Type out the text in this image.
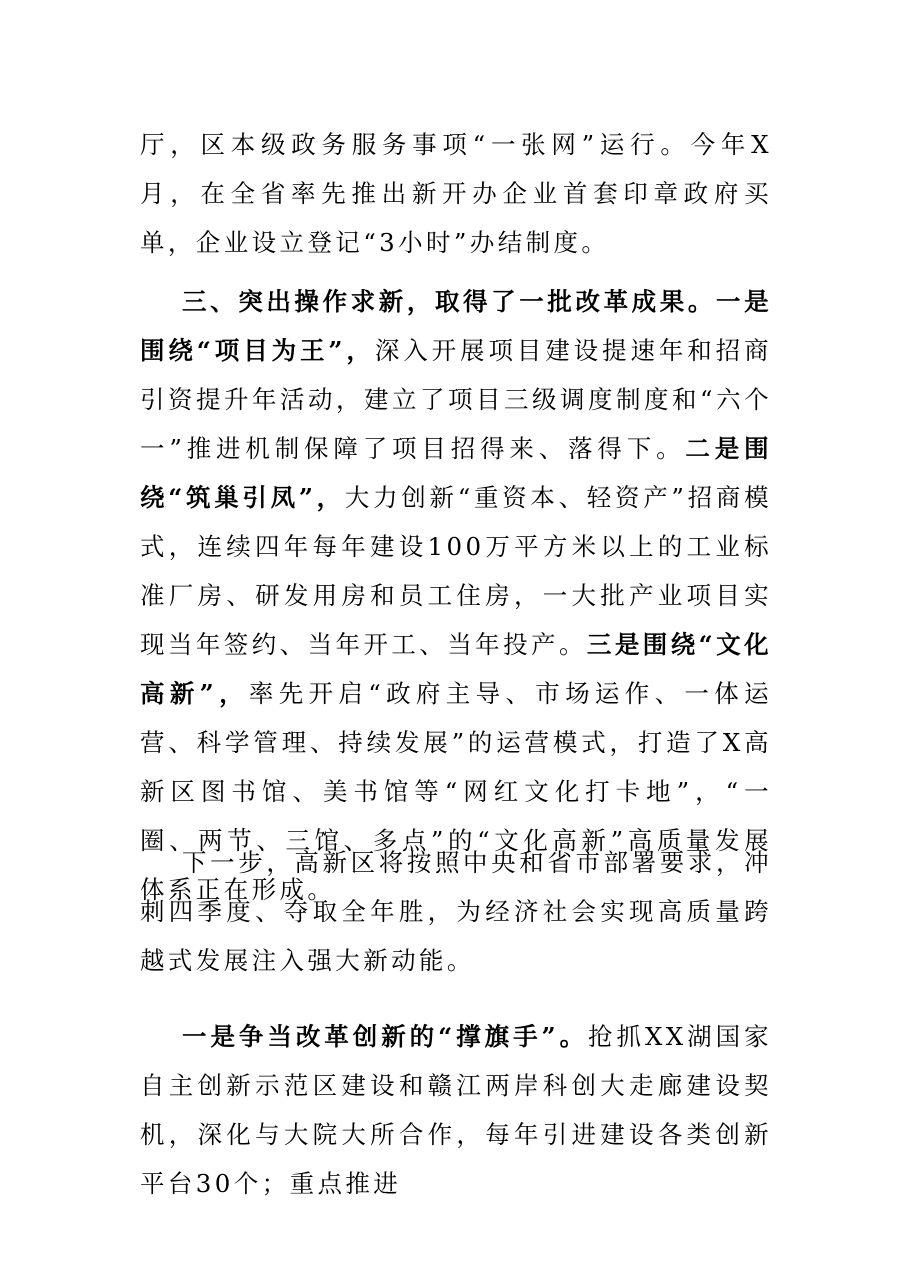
厅，区本级政务服务事项“一张网”运行。今年X月，在全省率先推出新开办企业首套印章政府买单，企业设立登记“3小时”办结制度。

三、突出操作求新，取得了一批改革成果。一是围绕“项目为王”，深入开展项目建设提速年和招商引资提升年活动，建立了项目三级调度制度和“六个一”推进机制保障了项目招得来、落得下。二是围绕“筑巢引凤”，大力创新“重资本、轻资产”招商模式，连续四年每年建设100万平方米以上的工业标准厂房、研发用房和员工住房，一大批产业项目实现当年签约、当年开工、当年投产。三是围绕“文化高新”，率先开启“政府主导、市场运作、一体运营、科学管理、持续发展”的运营模式，打造了X高新区图书馆、美书馆等“网红文化打卡地”，“一圈、两节、三馆、多点”的“文化高新”高质量发展体系正在形成。

下一步，高新区将按照中央和省市部署要求，冲刺四季度、夺取全年胜，为经济社会实现高质量跨越式发展注入强大新动能。

一是争当改革创新的“撑旗手”。抢抓XX湖国家自主创新示范区建设和赣江两岸科创大走廊建设契机，深化与大院大所合作，每年引进建设各类创新平台30个；重点推进
